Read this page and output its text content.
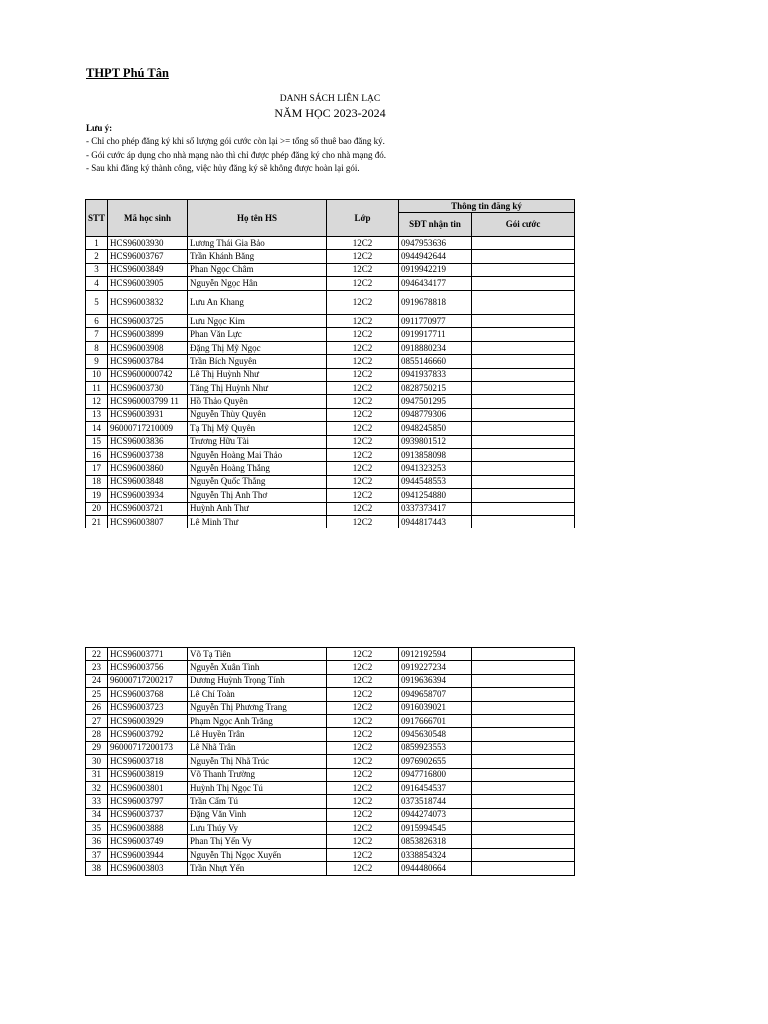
THPT Phú Tân
DANH SÁCH LIÊN LẠC
NĂM HỌC 2023-2024
Lưu ý:
- Chỉ cho phép đăng ký khi số lượng gói cước còn lại >= tổng số thuê bao đăng ký.
- Gói cước áp dụng cho nhà mạng nào thì chỉ được phép đăng ký cho nhà mạng đó.
- Sau khi đăng ký thành công, việc hủy đăng ký sẽ không được hoàn lại gói.
STT	Mã học sinh	Họ tên HS	Lớp	Thông tin đăng ký	
				SĐT nhận tin	Gói cước
1	HCS96003930	Lương Thái Gia Bảo	12C2	0947953636	
2	HCS96003767	Trần Khánh Băng	12C2	0944942644	
3	HCS96003849	Phan Ngọc Châm	12C2	0919942219	
4	HCS96003905	Nguyễn Ngọc Hân	12C2	0946434177	
5	HCS96003832	Lưu An Khang	12C2	0919678818	
6	HCS96003725	Lưu Ngọc Kim	12C2	0911770977	
7	HCS96003899	Phan Văn Lực	12C2	0919917711	
8	HCS96003908	Đặng Thị Mỹ Ngọc	12C2	0918880234	
9	HCS96003784	Trần Bích Nguyên	12C2	0855146660	
10	HCS9600000742	Lê Thị Huỳnh Như	12C2	0941937833	
11	HCS96003730	Tăng Thị Huỳnh Như	12C2	0828750215	
12	HCS960003799 11	Hồ Thảo Quyên	12C2	0947501295	
13	HCS96003931	Nguyễn Thùy Quyên	12C2	0948779306	
14	96000717210009	Tạ Thị Mỹ Quyên	12C2	0948245850	
15	HCS96003836	Trương Hữu Tài	12C2	0939801512	
16	HCS96003738	Nguyễn Hoàng Mai Thảo	12C2	0913858098	
17	HCS96003860	Nguyễn Hoàng Thắng	12C2	0941323253	
18	HCS96003848	Nguyễn Quốc Thắng	12C2	0944548553	
19	HCS96003934	Nguyễn Thị Anh Thơ	12C2	0941254880	
20	HCS96003721	Huỳnh Anh Thư	12C2	0337373417	
21	HCS96003807	Lê Minh Thư	12C2	0944817443	
22	HCS96003771	Võ Tạ Tiên	12C2	0912192594	
23	HCS96003756	Nguyễn Xuân Tình	12C2	0919227234	
24	96000717200217	Dương Huỳnh Trọng Tính	12C2	0919636394	
25	HCS96003768	Lê Chí Toàn	12C2	0949658707	
26	HCS96003723	Nguyễn Thị Phương Trang	12C2	0916039021	
27	HCS96003929	Phạm Ngọc Anh Trăng	12C2	0917666701	
28	HCS96003792	Lê Huyền Trân	12C2	0945630548	
29	96000717200173	Lê Nhã Trân	12C2	0859923553	
30	HCS96003718	Nguyễn Thị Nhã Trúc	12C2	0976902655	
31	HCS96003819	Võ Thanh Trường	12C2	0947716800	
32	HCS96003801	Huỳnh Thị Ngọc Tú	12C2	0916454537	
33	HCS96003797	Trần Cẩm Tú	12C2	0373518744	
34	HCS96003737	Đặng Văn Vinh	12C2	0944274073	
35	HCS96003888	Lưu Thúy Vy	12C2	0915994545	
36	HCS96003749	Phan Thị Yến Vy	12C2	0853826318	
37	HCS96003944	Nguyễn Thị Ngọc Xuyến	12C2	0338854324	
38	HCS96003803	Trần Nhựt Yến	12C2	0944480664	
